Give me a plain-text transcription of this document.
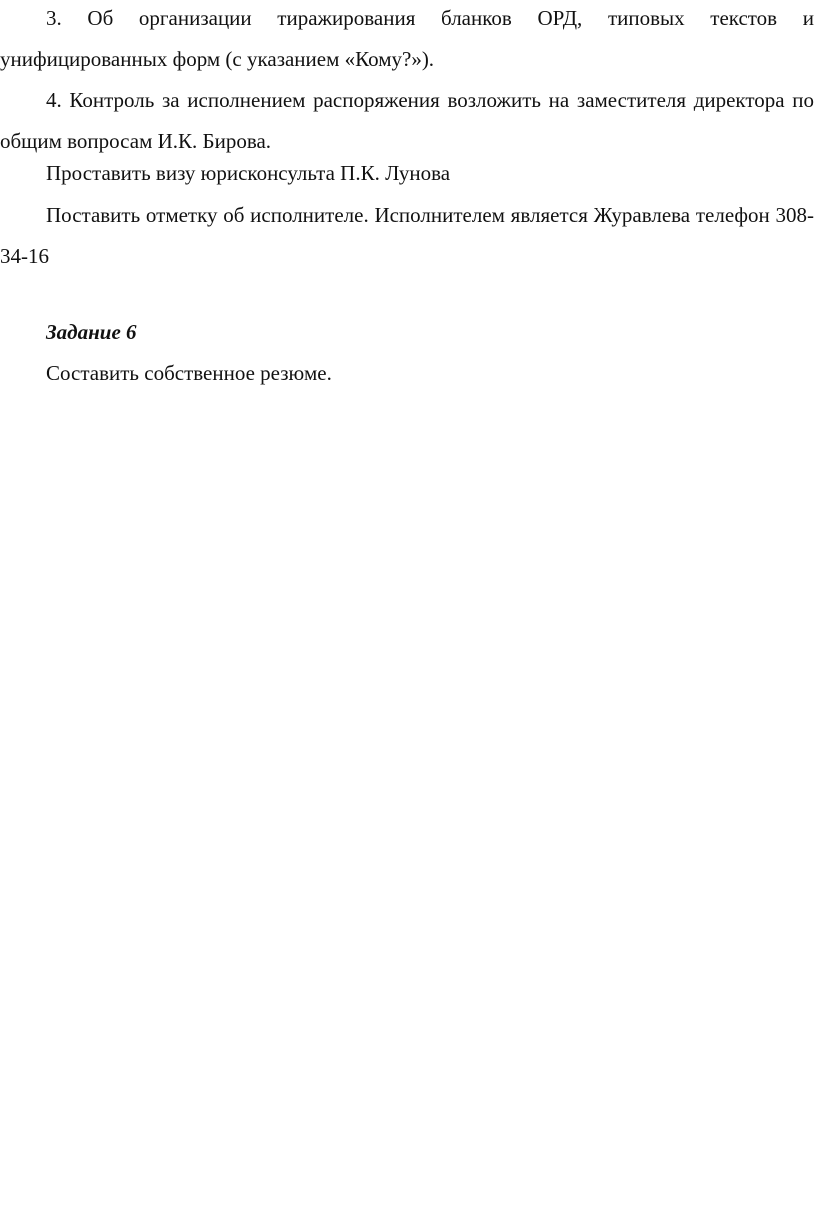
3. Об организации тиражирования бланков ОРД, типовых текстов и унифицированных форм (с указанием «Кому?»).

4. Контроль за исполнением распоряжения возложить на заместителя директора по общим вопросам И.К. Бирова.

Проставить визу юрисконсульта П.К. Лунова

Поставить отметку об исполнителе. Исполнителем является Журавлева телефон 308-34-16

Задание 6

Составить собственное резюме.
